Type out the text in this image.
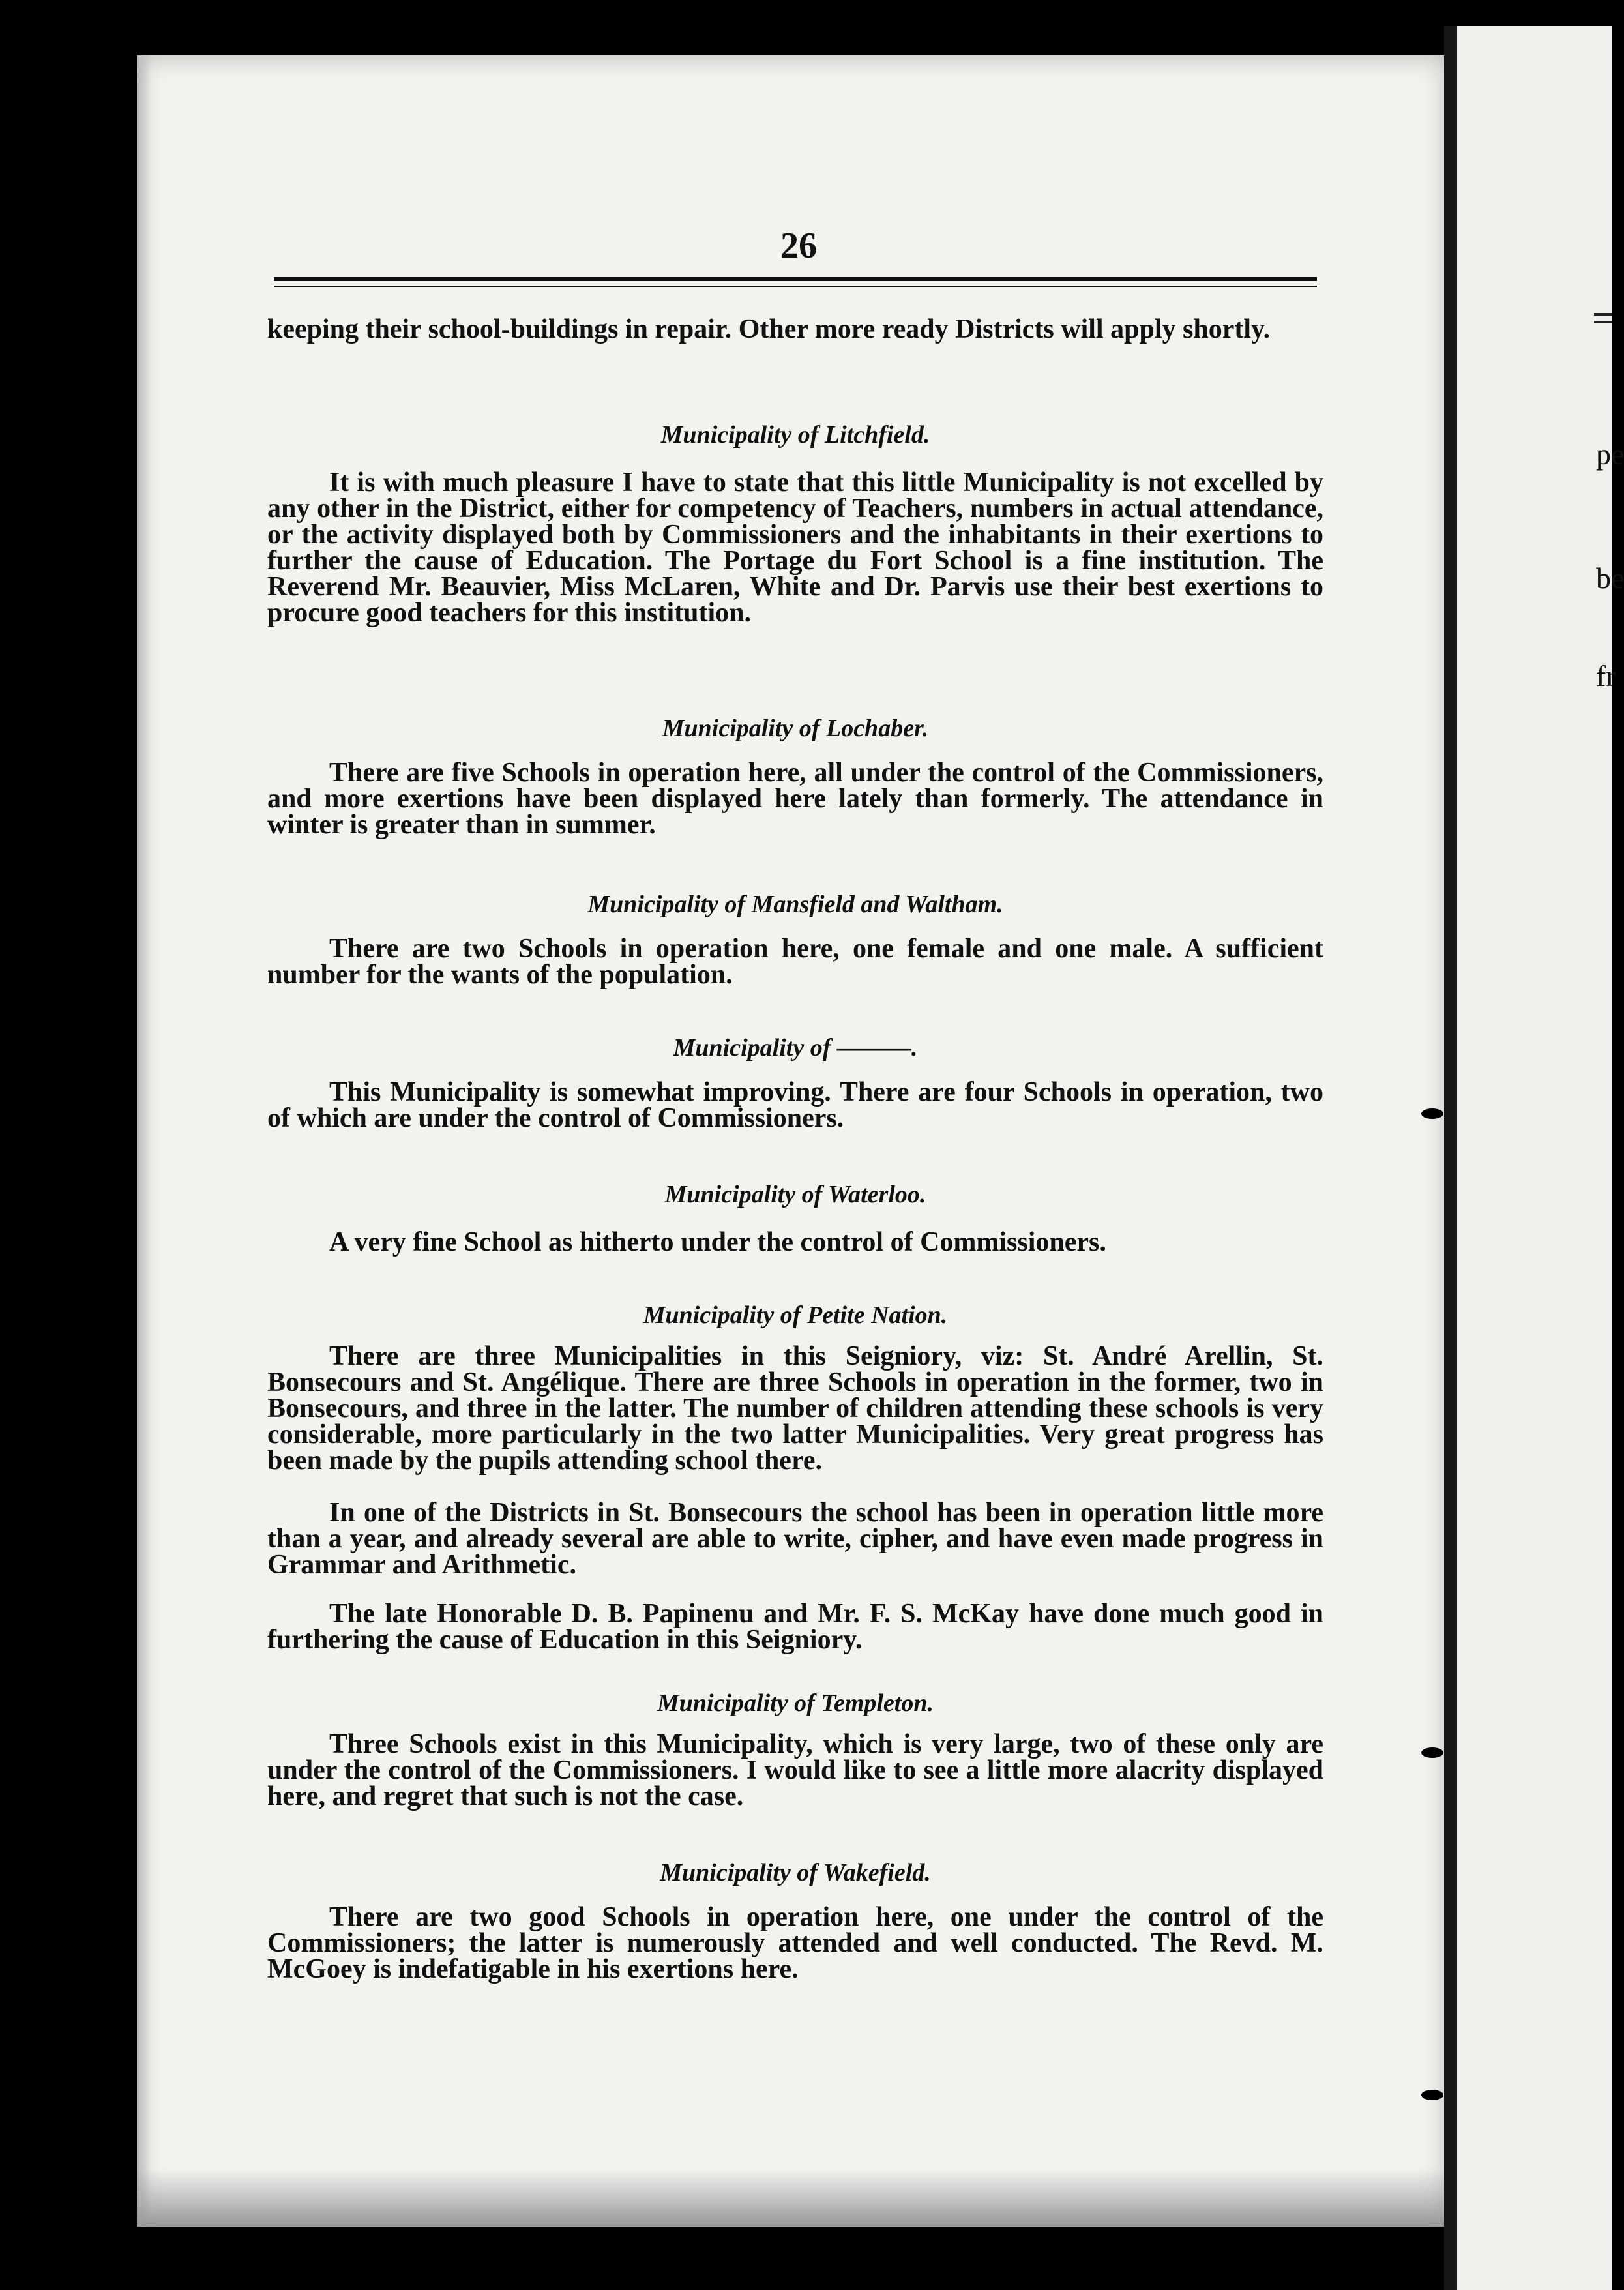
pe
be
fr
26

keeping their school-buildings in repair. Other more ready Districts will apply shortly.

Municipality of Litchfield.

It is with much pleasure I have to state that this little Municipality is not excelled by any other in the District, either for competency of Teachers, numbers in actual attendance, or the activity displayed both by Commissioners and the inhabitants in their exertions to further the cause of Education. The Portage du Fort School is a fine institution. The Reverend Mr. Beauvier, Miss McLaren, White and Dr. Parvis use their best exertions to procure good teachers for this institution.

Municipality of Lochaber.

There are five Schools in operation here, all under the control of the Commissioners, and more exertions have been displayed here lately than formerly. The attendance in winter is greater than in summer.

Municipality of Mansfield and Waltham.

There are two Schools in operation here, one female and one male. A sufficient number for the wants of the population.

Municipality of ———.

This Municipality is somewhat improving. There are four Schools in operation, two of which are under the control of Commissioners.

Municipality of Waterloo.

A very fine School as hitherto under the control of Commissioners.

Municipality of Petite Nation.

There are three Municipalities in this Seigniory, viz: St. André Arellin, St. Bonsecours and St. Angélique. There are three Schools in operation in the former, two in Bonsecours, and three in the latter. The number of children attending these schools is very considerable, more particularly in the two latter Municipalities. Very great progress has been made by the pupils attending school there.

In one of the Districts in St. Bonsecours the school has been in operation little more than a year, and already several are able to write, cipher, and have even made progress in Grammar and Arithmetic.

The late Honorable D. B. Papinenu and Mr. F. S. McKay have done much good in furthering the cause of Education in this Seigniory.

Municipality of Templeton.

Three Schools exist in this Municipality, which is very large, two of these only are under the control of the Commissioners. I would like to see a little more alacrity displayed here, and regret that such is not the case.

Municipality of Wakefield.

There are two good Schools in operation here, one under the control of the Commissioners; the latter is numerously attended and well conducted. The Revd. M. McGoey is indefatigable in his exertions here.
